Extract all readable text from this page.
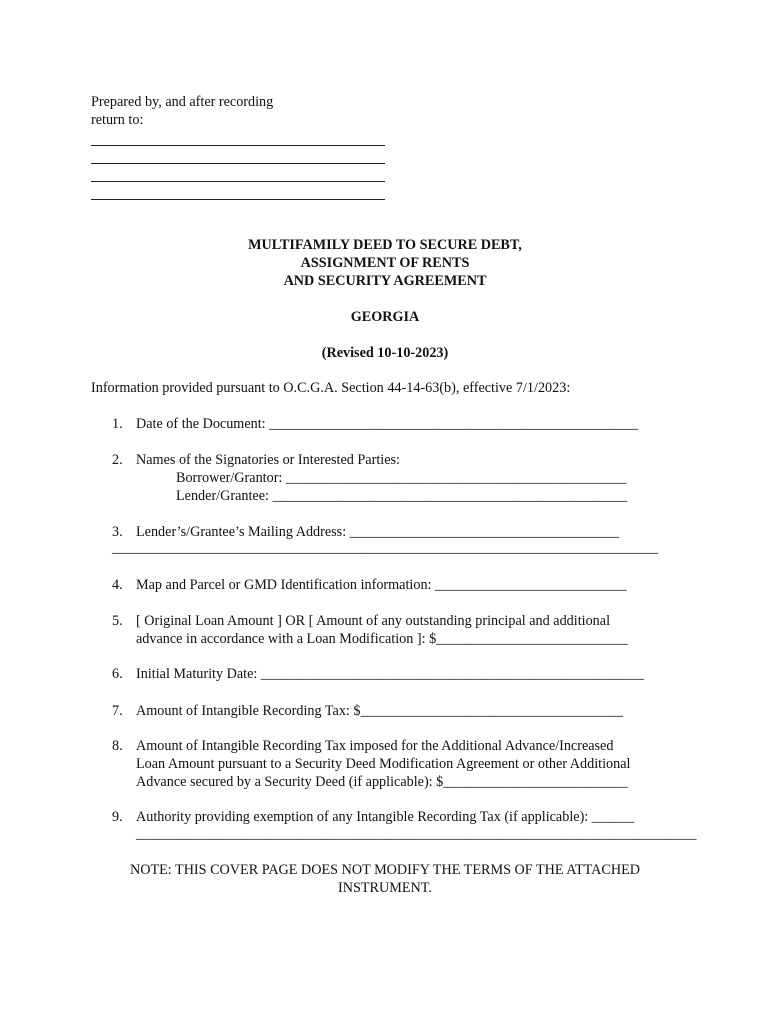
Prepared by, and after recording
return to:
MULTIFAMILY DEED TO SECURE DEBT,
ASSIGNMENT OF RENTS
AND SECURITY AGREEMENT
GEORGIA
(Revised 10-10-2023)
Information provided pursuant to O.C.G.A. Section 44-14-63(b), effective 7/1/2023:
1. Date of the Document: ____________________________________________________
2. Names of the Signatories or Interested Parties:
Borrower/Grantor: ________________________________________________
Lender/Grantee: __________________________________________________
3. Lender’s/Grantee’s Mailing Address: ______________________________________
_____________________________________________________________________________
4. Map and Parcel or GMD Identification information: ___________________________
5. [ Original Loan Amount ] OR [ Amount of any outstanding principal and additional
advance in accordance with a Loan Modification ]: $___________________________
6. Initial Maturity Date: ______________________________________________________
7. Amount of Intangible Recording Tax: $_____________________________________
8. Amount of Intangible Recording Tax imposed for the Additional Advance/Increased
Loan Amount pursuant to a Security Deed Modification Agreement or other Additional
Advance secured by a Security Deed (if applicable): $__________________________
9. Authority providing exemption of any Intangible Recording Tax (if applicable): ______
_______________________________________________________________________________
NOTE: THIS COVER PAGE DOES NOT MODIFY THE TERMS OF THE ATTACHED
INSTRUMENT.
